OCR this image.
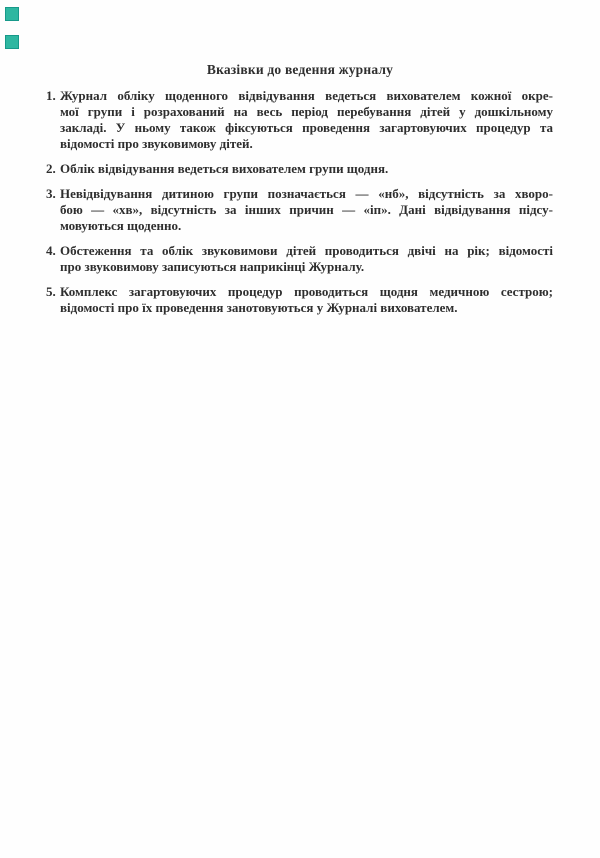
Вказівки до ведення журналу
1. Журнал обліку щоденного відвідування ведеться вихователем кожної окре-
мої групи і розрахований на весь період перебування дітей у дошкільному
закладі. У ньому також фіксуються проведення загартовуючих процедур та
відомості про звуковимову дітей.
2. Облік відвідування ведеться вихователем групи щодня.
3. Невідвідування дитиною групи позначається — «нб», відсутність за хворо-
бою — «хв», відсутність за інших причин — «іп». Дані відвідування підсу-
мовуються щоденно.
4. Обстеження та облік звуковимови дітей проводиться двічі на рік; відомості
про звуковимову записуються наприкінці Журналу.
5. Комплекс загартовуючих процедур проводиться щодня медичною сестрою;
відомості про їх проведення занотовуються у Журналі вихователем.
